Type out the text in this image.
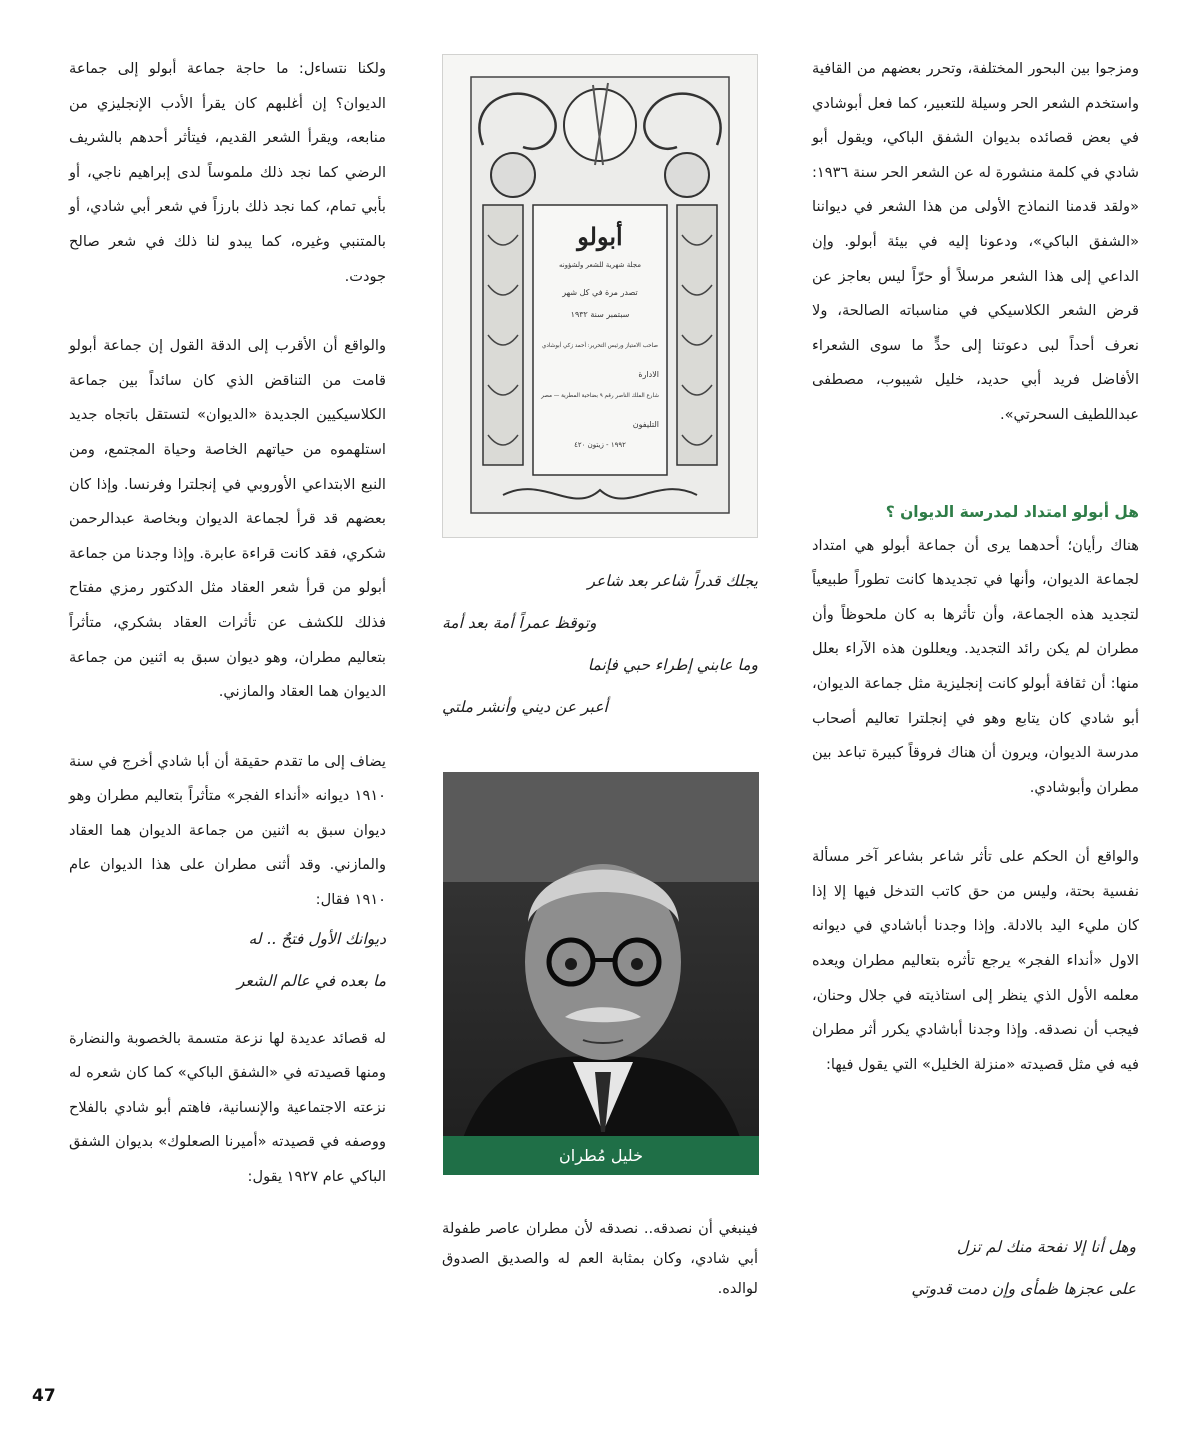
ومزجوا بين البحور المختلفة، وتحرر بعضهم من القافية واستخدم الشعر الحر وسيلة للتعبير، كما فعل أبوشادي في بعض قصائده بديوان الشفق الباكي، ويقول أبو شادي في كلمة منشورة له عن الشعر الحر سنة ١٩٣٦: «ولقد قدمنا النماذج الأولى من هذا الشعر في ديواننا «الشفق الباكي»، ودعونا إليه في بيئة أبولو. وإن الداعي إلى هذا الشعر مرسلاً أو حرّاً ليس بعاجز عن قرض الشعر الكلاسيكي في مناسباته الصالحة، ولا نعرف أحداً لبى دعوتنا إلى حدٍّ ما سوى الشعراء الأفاضل فريد أبي حديد، خليل شيبوب، مصطفى عبداللطيف السحرتي».

هل أبولو امتداد لمدرسة الديوان ؟

هناك رأيان؛ أحدهما يرى أن جماعة أبولو هي امتداد لجماعة الديوان، وأنها في تجديدها كانت تطوراً طبيعياً لتجديد هذه الجماعة، وأن تأثرها به كان ملحوظاً وأن مطران لم يكن رائد التجديد. ويعللون هذه الآراء بعلل منها: أن ثقافة أبولو كانت إنجليزية مثل جماعة الديوان، أبو شادي كان يتابع وهو في إنجلترا تعاليم أصحاب مدرسة الديوان، ويرون أن هناك فروقاً كبيرة تباعد بين مطران وأبوشادي.

والواقع أن الحكم على تأثر شاعر بشاعر آخر مسألة نفسية بحتة، وليس من حق كاتب التدخل فيها إلا إذا كان مليء اليد بالادلة. وإذا وجدنا أباشادي في ديوانه الاول «أنداء الفجر» يرجع تأثره بتعاليم مطران ويعده معلمه الأول الذي ينظر إلى استاذيته في جلال وحنان، فيجب أن نصدقه. وإذا وجدنا أباشادي يكرر أثر مطران فيه في مثل قصيدته «منزلة الخليل» التي يقول فيها:

وهل أنا إلا نفحة منك لم تزل

على عجزها ظمأى وإن دمت قدوتي

أبولو
مجلة شهرية للشعر ولشؤونه
تصدر مرة في كل شهر
سبتمبر سنة ١٩٣٢
صاحب الامتياز ورئيس التحرير: أحمد زكي أبوشادي
الادارة
شارع الملك الناصر رقم ٩ بضاحية المطرية — مصر
التليفون
١٩٩٢ - زيتون ٤٢٠

يجلك قدراً شاعر بعد شاعر

وتوقظ عمراً أمة بعد أمة

وما عابني إطراء حبي فإنما

أعبر عن ديني وأنشر ملتي

خليل مُطران

فينبغي أن نصدقه.. نصدقه لأن مطران عاصر طفولة أبي شادي، وكان بمثابة العم له والصديق الصدوق لوالده.

ولكنا نتساءل: ما حاجة جماعة أبولو إلى جماعة الديوان؟ إن أغلبهم كان يقرأ الأدب الإنجليزي من منابعه، ويقرأ الشعر القديم، فيتأثر أحدهم بالشريف الرضي كما نجد ذلك ملموساً لدى إبراهيم ناجي، أو بأبي تمام، كما نجد ذلك بارزاً في شعر أبي شادي، أو بالمتنبي وغيره، كما يبدو لنا ذلك في شعر صالح جودت.

والواقع أن الأقرب إلى الدقة القول إن جماعة أبولو قامت من التناقض الذي كان سائداً بين جماعة الكلاسيكيين الجديدة «الديوان» لتستقل باتجاه جديد استلهموه من حياتهم الخاصة وحياة المجتمع، ومن النبع الابتداعي الأوروبي في إنجلترا وفرنسا. وإذا كان بعضهم قد قرأ لجماعة الديوان وبخاصة عبدالرحمن شكري، فقد كانت قراءة عابرة. وإذا وجدنا من جماعة أبولو من قرأ شعر العقاد مثل الدكتور رمزي مفتاح فذلك للكشف عن تأثرات العقاد بشكري، متأثراً بتعاليم مطران، وهو ديوان سبق به اثنين من جماعة الديوان هما العقاد والمازني.

يضاف إلى ما تقدم حقيقة أن أبا شادي أخرج في سنة ١٩١٠ ديوانه «أنداء الفجر» متأثراً بتعاليم مطران وهو ديوان سبق به اثنين من جماعة الديوان هما العقاد والمازني. وقد أثنى مطران على هذا الديوان عام ١٩١٠ فقال:

ديوانك الأول فتحٌ .. له

ما بعده في عالم الشعر

له قصائد عديدة لها نزعة متسمة بالخصوبة والنضارة ومنها قصيدته في «الشفق الباكي» كما كان شعره له نزعته الاجتماعية والإنسانية، فاهتم أبو شادي بالفلاح ووصفه في قصيدته «أميرنا الصعلوك» بديوان الشفق الباكي عام ١٩٢٧ يقول:

47
